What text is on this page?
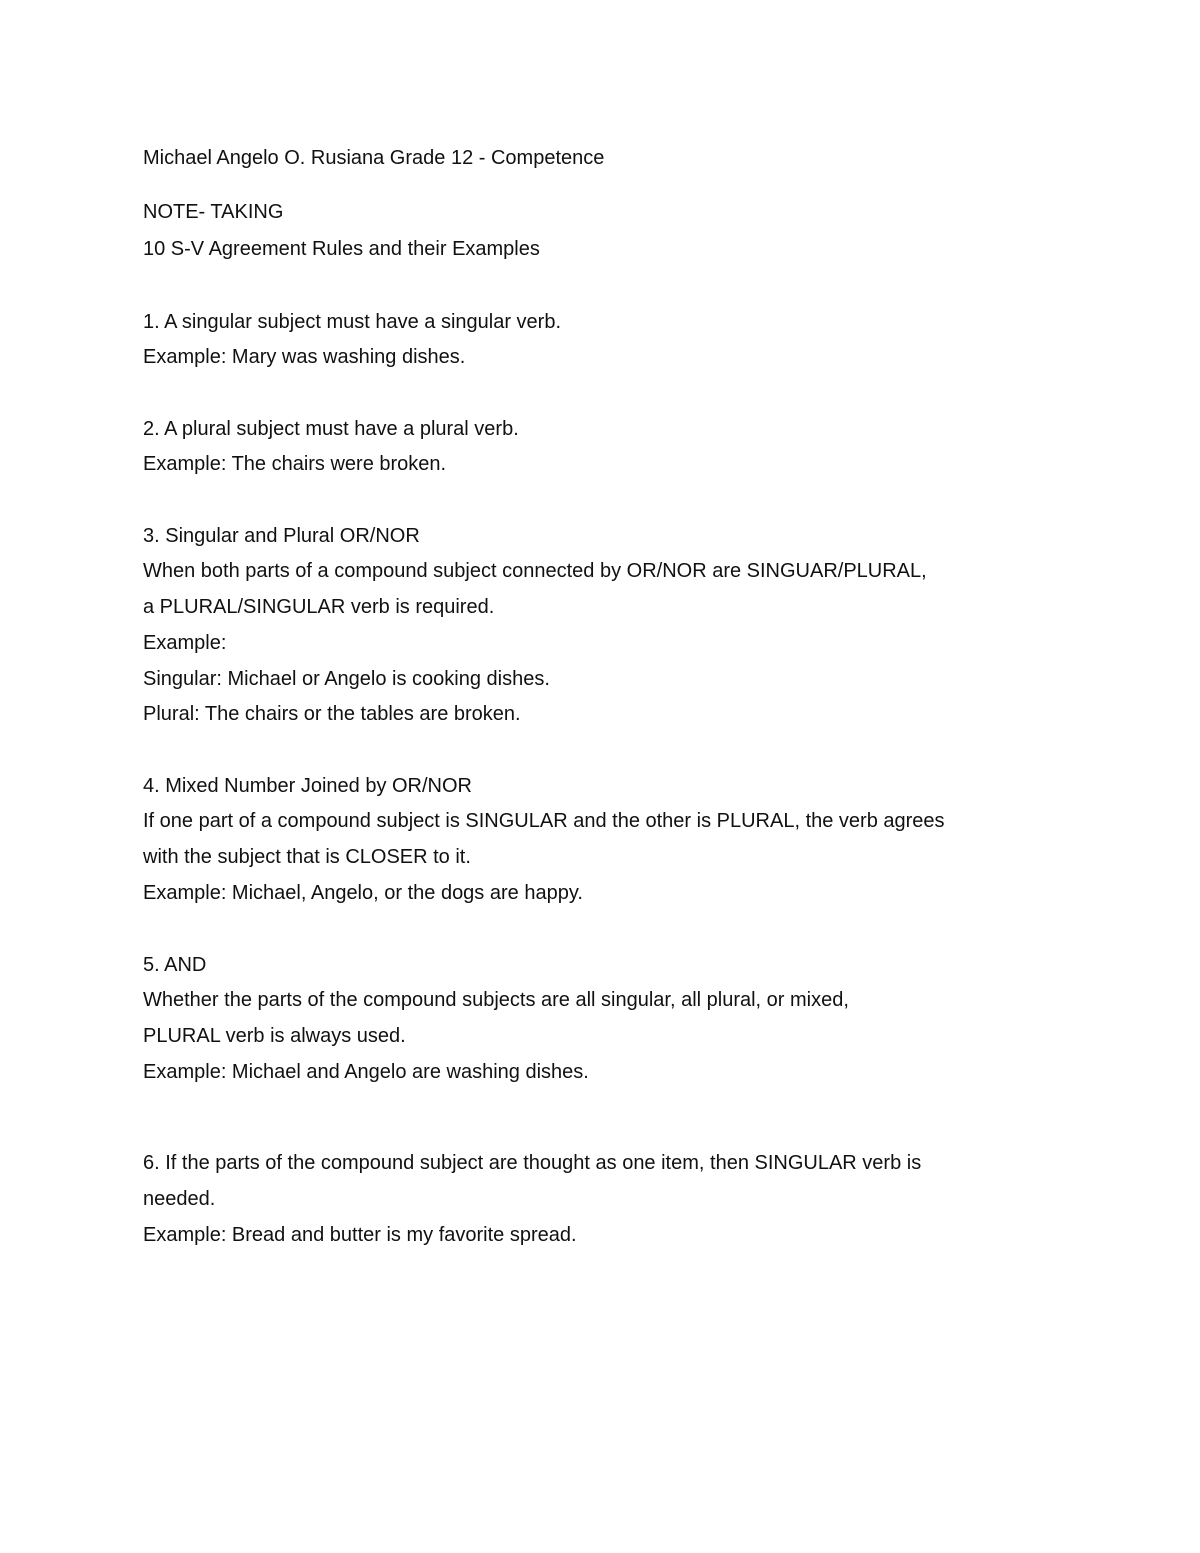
Michael Angelo O. Rusiana Grade 12 - Competence

NOTE- TAKING

10 S-V Agreement Rules and their Examples

1. A singular subject must have a singular verb.

Example: Mary was washing dishes.

2. A plural subject must have a plural verb.

Example: The chairs were broken.

3. Singular and Plural OR/NOR

When both parts of a compound subject connected by OR/NOR are SINGUAR/PLURAL,

a PLURAL/SINGULAR verb is required.

Example:

Singular: Michael or Angelo is cooking dishes.

Plural: The chairs or the tables are broken.

4. Mixed Number Joined by OR/NOR

If one part of a compound subject is SINGULAR and the other is PLURAL, the verb agrees

with the subject that is CLOSER to it.

Example: Michael, Angelo, or the dogs are happy.

5. AND

Whether the parts of the compound subjects are all singular, all plural, or mixed,

PLURAL verb is always used.

Example: Michael and Angelo are washing dishes.

6. If the parts of the compound subject are thought as one item, then SINGULAR verb is

needed.

Example: Bread and butter is my favorite spread.
